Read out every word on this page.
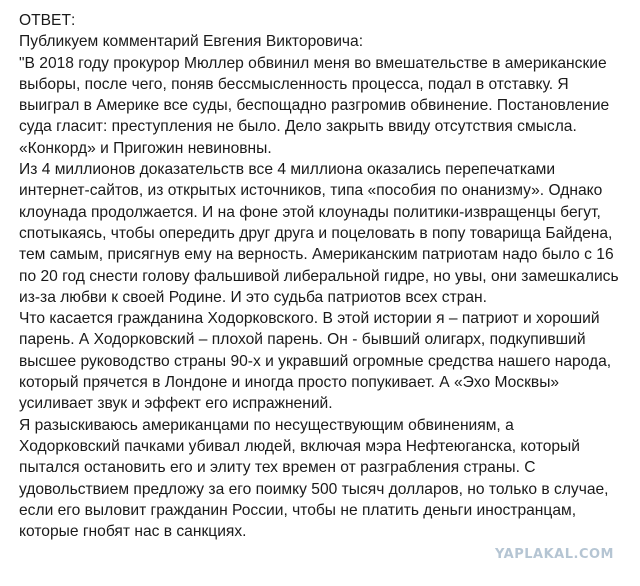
ОТВЕТ:
Публикуем комментарий Евгения Викторовича:
"В 2018 году прокурор Мюллер обвинил меня во вмешательстве в американские
выборы, после чего, поняв бессмысленность процесса, подал в отставку. Я
выиграл в Америке все суды, беспощадно разгромив обвинение. Постановление
суда гласит: преступления не было. Дело закрыть ввиду отсутствия смысла.
«Конкорд» и Пригожин невиновны.
Из 4 миллионов доказательств все 4 миллиона оказались перепечатками
интернет-сайтов, из открытых источников, типа «пособия по онанизму». Однако
клоунада продолжается. И на фоне этой клоунады политики-извращенцы бегут,
спотыкаясь, чтобы опередить друг друга и поцеловать в попу товарища Байдена,
тем самым, присягнув ему на верность. Американским патриотам надо было с 16
по 20 год снести голову фальшивой либеральной гидре, но увы, они замешкались
из-за любви к своей Родине. И это судьба патриотов всех стран.
Что касается гражданина Ходорковского. В этой истории я – патриот и хороший
парень. А Ходорковский – плохой парень. Он - бывший олигарх, подкупивший
высшее руководство страны 90-х и укравший огромные средства нашего народа,
который прячется в Лондоне и иногда просто попукивает. А «Эхо Москвы»
усиливает звук и эффект его испражнений.
Я разыскиваюсь американцами по несуществующим обвинениям, а
Ходорковский пачками убивал людей, включая мэра Нефтеюганска, который
пытался остановить его и элиту тех времен от разграбления страны. С
удовольствием предложу за его поимку 500 тысяч долларов, но только в случае,
если его выловит гражданин России, чтобы не платить деньги иностранцам,
которые гнобят нас в санкциях.
YAPLAKAL.COM
